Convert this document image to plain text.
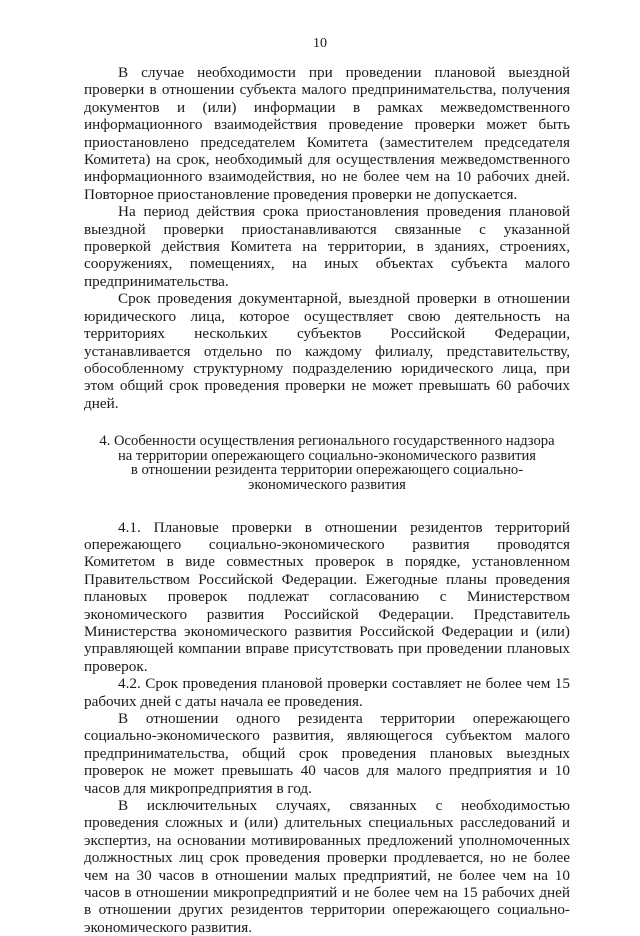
10

В случае необходимости при проведении плановой выездной проверки в отношении субъекта малого предпринимательства, получения документов и (или) информации в рамках межведомственного информационного взаимодействия проведение проверки может быть приостановлено председателем Комитета (заместителем председателя Комитета) на срок, необходимый для осуществления межведомственного информационного взаимодействия, но не более чем на 10 рабочих дней. Повторное приостановление проведения проверки не допускается.

На период действия срока приостановления проведения плановой выездной проверки приостанавливаются связанные с указанной проверкой действия Комитета на территории, в зданиях, строениях, сооружениях, помещениях, на иных объектах субъекта малого предпринимательства.

Срок проведения документарной, выездной проверки в отношении юридического лица, которое осуществляет свою деятельность на территориях нескольких субъектов Российской Федерации, устанавливается отдельно по каждому филиалу, представительству, обособленному структурному подразделению юридического лица, при этом общий срок проведения проверки не может превышать 60 рабочих дней.

4. Особенности осуществления регионального государственного надзора
на территории опережающего социально-экономического развития
в отношении резидента территории опережающего социально-
экономического развития

4.1. Плановые проверки в отношении резидентов территорий опережающего социально-экономического развития проводятся Комитетом в виде совместных проверок в порядке, установленном Правительством Российской Федерации. Ежегодные планы проведения плановых проверок подлежат согласованию с Министерством экономического развития Российской Федерации. Представитель Министерства экономического развития Российской Федерации и (или) управляющей компании вправе присутствовать при проведении плановых проверок.

4.2. Срок проведения плановой проверки составляет не более чем 15 рабочих дней с даты начала ее проведения.

В отношении одного резидента территории опережающего социально-экономического развития, являющегося субъектом малого предпринимательства, общий срок проведения плановых выездных проверок не может превышать 40 часов для малого предприятия и 10 часов для микропредприятия в год.

В исключительных случаях, связанных с необходимостью проведения сложных и (или) длительных специальных расследований и экспертиз, на основании мотивированных предложений уполномоченных должностных лиц срок проведения проверки продлевается, но не более чем на 30 часов в отношении малых предприятий, не более чем на 10 часов в отношении микропредприятий и не более чем на 15 рабочих дней в отношении других резидентов территории опережающего социально-экономического развития.
